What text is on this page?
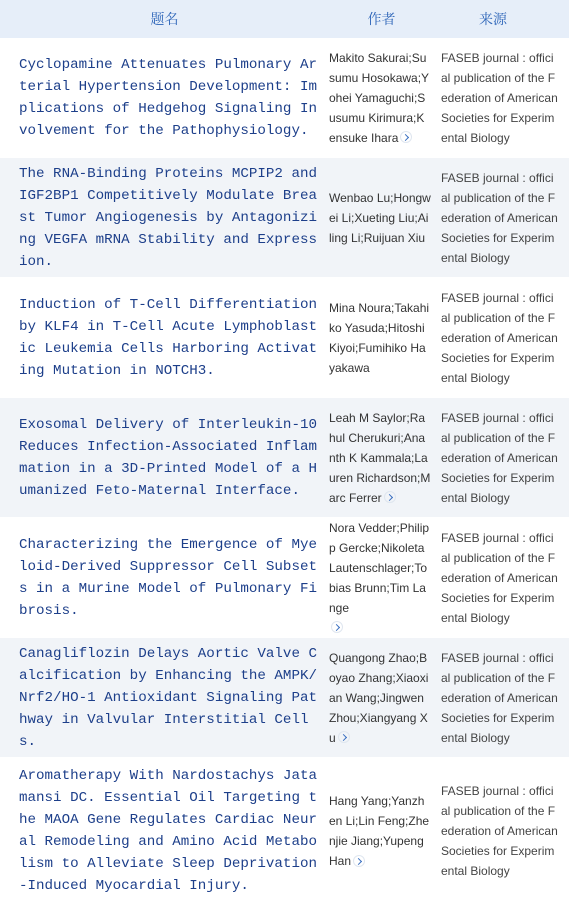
题名	作者	来源
Cyclopamine Attenuates Pulmonary Arterial Hypertension Development: Implications of Hedgehog Signaling Involvement for the Pathophysiology.
Makito Sakurai;Susumu Hosokawa;Yohei Yamaguchi;Susumu Kirimura;Kensuke Ihara
FASEB journal : official publication of the Federation of American Societies for Experimental Biology
The RNA-Binding Proteins MCPIP2 and IGF2BP1 Competitively Modulate Breast Tumor Angiogenesis by Antagonizing VEGFA mRNA Stability and Expression.
Wenbao Lu;Hongwei Li;Xueting Liu;Ailing Li;Ruijuan Xiu
FASEB journal : official publication of the Federation of American Societies for Experimental Biology
Induction of T-Cell Differentiation by KLF4 in T-Cell Acute Lymphoblastic Leukemia Cells Harboring Activating Mutation in NOTCH3.
Mina Noura;Takahiko Yasuda;Hitoshi Kiyoi;Fumihiko Hayakawa
FASEB journal : official publication of the Federation of American Societies for Experimental Biology
Exosomal Delivery of Interleukin-10 Reduces Infection-Associated Inflammation in a 3D-Printed Model of a Humanized Feto-Maternal Interface.
Leah M Saylor;Rahul Cherukuri;Ananth K Kammala;Lauren Richardson;Marc Ferrer
FASEB journal : official publication of the Federation of American Societies for Experimental Biology
Characterizing the Emergence of Myeloid-Derived Suppressor Cell Subsets in a Murine Model of Pulmonary Fibrosis.
Nora Vedder;Philipp Gercke;Nikoleta Lautenschlager;Tobias Brunn;Tim Lange

FASEB journal : official publication of the Federation of American Societies for Experimental Biology
Canagliflozin Delays Aortic Valve Calcification by Enhancing the AMPK/Nrf2/HO-1 Antioxidant Signaling Pathway in Valvular Interstitial Cells.
Quangong Zhao;Boyao Zhang;Xiaoxian Wang;Jingwen Zhou;Xiangyang Xu
FASEB journal : official publication of the Federation of American Societies for Experimental Biology
Aromatherapy With Nardostachys Jatamansi DC. Essential Oil Targeting the MAOA Gene Regulates Cardiac Neural Remodeling and Amino Acid Metabolism to Alleviate Sleep Deprivation-Induced Myocardial Injury.
Hang Yang;Yanzhen Li;Lin Feng;Zhenjie Jiang;Yupeng Han
FASEB journal : official publication of the Federation of American Societies for Experimental Biology
